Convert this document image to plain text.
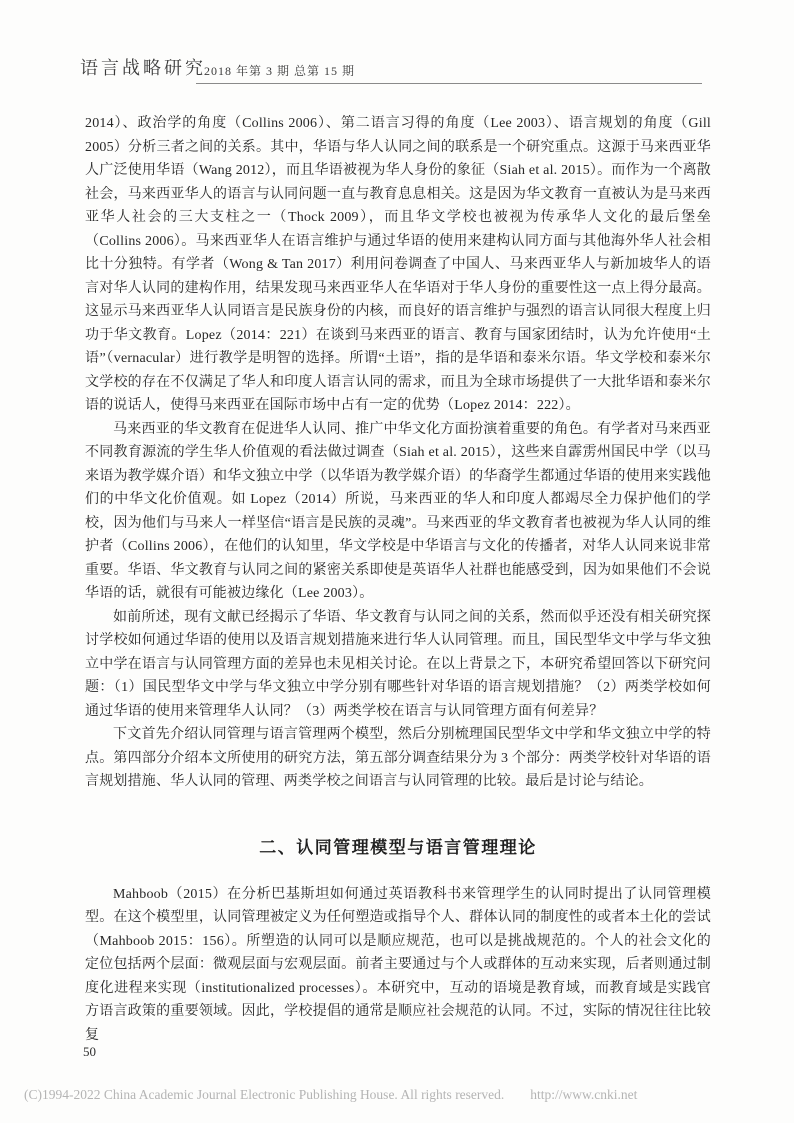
语言战略研究
2018 年第 3 期 总第 15 期

2014）、政治学的角度（Collins 2006）、第二语言习得的角度（Lee 2003）、语言规划的角度（Gill 2005）分析三者之间的关系。其中，华语与华人认同之间的联系是一个研究重点。这源于马来西亚华人广泛使用华语（Wang 2012），而且华语被视为华人身份的象征（Siah et al. 2015）。而作为一个离散社会，马来西亚华人的语言与认同问题一直与教育息息相关。这是因为华文教育一直被认为是马来西亚华人社会的三大支柱之一（Thock 2009），而且华文学校也被视为传承华人文化的最后堡垒（Collins 2006）。马来西亚华人在语言维护与通过华语的使用来建构认同方面与其他海外华人社会相比十分独特。有学者（Wong & Tan 2017）利用问卷调查了中国人、马来西亚华人与新加坡华人的语言对华人认同的建构作用，结果发现马来西亚华人在华语对于华人身份的重要性这一点上得分最高。这显示马来西亚华人认同语言是民族身份的内核，而良好的语言维护与强烈的语言认同很大程度上归功于华文教育。Lopez（2014：221）在谈到马来西亚的语言、教育与国家团结时，认为允许使用“土语”（vernacular）进行教学是明智的选择。所谓“土语”，指的是华语和泰米尔语。华文学校和泰米尔文学校的存在不仅满足了华人和印度人语言认同的需求，而且为全球市场提供了一大批华语和泰米尔语的说话人，使得马来西亚在国际市场中占有一定的优势（Lopez 2014：222）。

马来西亚的华文教育在促进华人认同、推广中华文化方面扮演着重要的角色。有学者对马来西亚不同教育源流的学生华人价值观的看法做过调查（Siah et al. 2015），这些来自霹雳州国民中学（以马来语为教学媒介语）和华文独立中学（以华语为教学媒介语）的华裔学生都通过华语的使用来实践他们的中华文化价值观。如 Lopez（2014）所说，马来西亚的华人和印度人都竭尽全力保护他们的学校，因为他们与马来人一样坚信“语言是民族的灵魂”。马来西亚的华文教育者也被视为华人认同的维护者（Collins 2006），在他们的认知里，华文学校是中华语言与文化的传播者，对华人认同来说非常重要。华语、华文教育与认同之间的紧密关系即使是英语华人社群也能感受到，因为如果他们不会说华语的话，就很有可能被边缘化（Lee 2003）。

如前所述，现有文献已经揭示了华语、华文教育与认同之间的关系，然而似乎还没有相关研究探讨学校如何通过华语的使用以及语言规划措施来进行华人认同管理。而且，国民型华文中学与华文独立中学在语言与认同管理方面的差异也未见相关讨论。在以上背景之下，本研究希望回答以下研究问题：（1）国民型华文中学与华文独立中学分别有哪些针对华语的语言规划措施？（2）两类学校如何通过华语的使用来管理华人认同？（3）两类学校在语言与认同管理方面有何差异？

下文首先介绍认同管理与语言管理两个模型，然后分别梳理国民型华文中学和华文独立中学的特点。第四部分介绍本文所使用的研究方法，第五部分调查结果分为 3 个部分：两类学校针对华语的语言规划措施、华人认同的管理、两类学校之间语言与认同管理的比较。最后是讨论与结论。

二、认同管理模型与语言管理理论

Mahboob（2015）在分析巴基斯坦如何通过英语教科书来管理学生的认同时提出了认同管理模型。在这个模型里，认同管理被定义为任何塑造或指导个人、群体认同的制度性的或者本土化的尝试（Mahboob 2015：156）。所塑造的认同可以是顺应规范，也可以是挑战规范的。个人的社会文化的定位包括两个层面：微观层面与宏观层面。前者主要通过与个人或群体的互动来实现，后者则通过制度化进程来实现（institutionalized processes）。本研究中，互动的语境是教育域，而教育域是实践官方语言政策的重要领域。因此，学校提倡的通常是顺应社会规范的认同。不过，实际的情况往往比较复

50
(C)1994-2022 China Academic Journal Electronic Publishing House. All rights reserved. http://www.cnki.net
